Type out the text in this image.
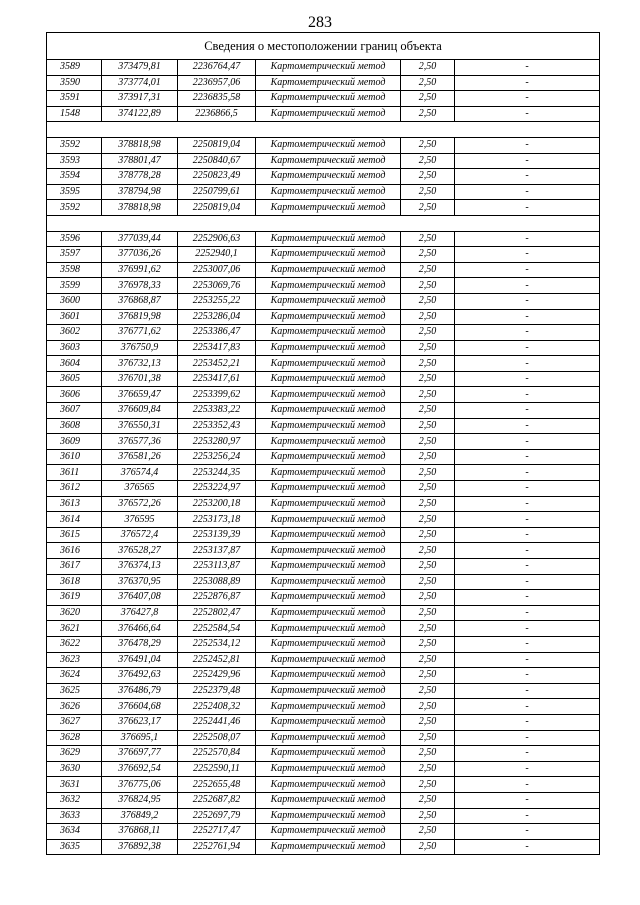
283
Сведения о местоположении границ объекта					
3589	373479,81	2236764,47	Картометрический метод	2,50	-
3590	373774,01	2236957,06	Картометрический метод	2,50	-
3591	373917,31	2236835,58	Картометрический метод	2,50	-
1548	374122,89	2236866,5	Картометрический метод	2,50	-

3592	378818,98	2250819,04	Картометрический метод	2,50	-
3593	378801,47	2250840,67	Картометрический метод	2,50	-
3594	378778,28	2250823,49	Картометрический метод	2,50	-
3595	378794,98	2250799,61	Картометрический метод	2,50	-
3592	378818,98	2250819,04	Картометрический метод	2,50	-

3596	377039,44	2252906,63	Картометрический метод	2,50	-
3597	377036,26	2252940,1	Картометрический метод	2,50	-
3598	376991,62	2253007,06	Картометрический метод	2,50	-
3599	376978,33	2253069,76	Картометрический метод	2,50	-
3600	376868,87	2253255,22	Картометрический метод	2,50	-
3601	376819,98	2253286,04	Картометрический метод	2,50	-
3602	376771,62	2253386,47	Картометрический метод	2,50	-
3603	376750,9	2253417,83	Картометрический метод	2,50	-
3604	376732,13	2253452,21	Картометрический метод	2,50	-
3605	376701,38	2253417,61	Картометрический метод	2,50	-
3606	376659,47	2253399,62	Картометрический метод	2,50	-
3607	376609,84	2253383,22	Картометрический метод	2,50	-
3608	376550,31	2253352,43	Картометрический метод	2,50	-
3609	376577,36	2253280,97	Картометрический метод	2,50	-
3610	376581,26	2253256,24	Картометрический метод	2,50	-
3611	376574,4	2253244,35	Картометрический метод	2,50	-
3612	376565	2253224,97	Картометрический метод	2,50	-
3613	376572,26	2253200,18	Картометрический метод	2,50	-
3614	376595	2253173,18	Картометрический метод	2,50	-
3615	376572,4	2253139,39	Картометрический метод	2,50	-
3616	376528,27	2253137,87	Картометрический метод	2,50	-
3617	376374,13	2253113,87	Картометрический метод	2,50	-
3618	376370,95	2253088,89	Картометрический метод	2,50	-
3619	376407,08	2252876,87	Картометрический метод	2,50	-
3620	376427,8	2252802,47	Картометрический метод	2,50	-
3621	376466,64	2252584,54	Картометрический метод	2,50	-
3622	376478,29	2252534,12	Картометрический метод	2,50	-
3623	376491,04	2252452,81	Картометрический метод	2,50	-
3624	376492,63	2252429,96	Картометрический метод	2,50	-
3625	376486,79	2252379,48	Картометрический метод	2,50	-
3626	376604,68	2252408,32	Картометрический метод	2,50	-
3627	376623,17	2252441,46	Картометрический метод	2,50	-
3628	376695,1	2252508,07	Картометрический метод	2,50	-
3629	376697,77	2252570,84	Картометрический метод	2,50	-
3630	376692,54	2252590,11	Картометрический метод	2,50	-
3631	376775,06	2252655,48	Картометрический метод	2,50	-
3632	376824,95	2252687,82	Картометрический метод	2,50	-
3633	376849,2	2252697,79	Картометрический метод	2,50	-
3634	376868,11	2252717,47	Картометрический метод	2,50	-
3635	376892,38	2252761,94	Картометрический метод	2,50	-
